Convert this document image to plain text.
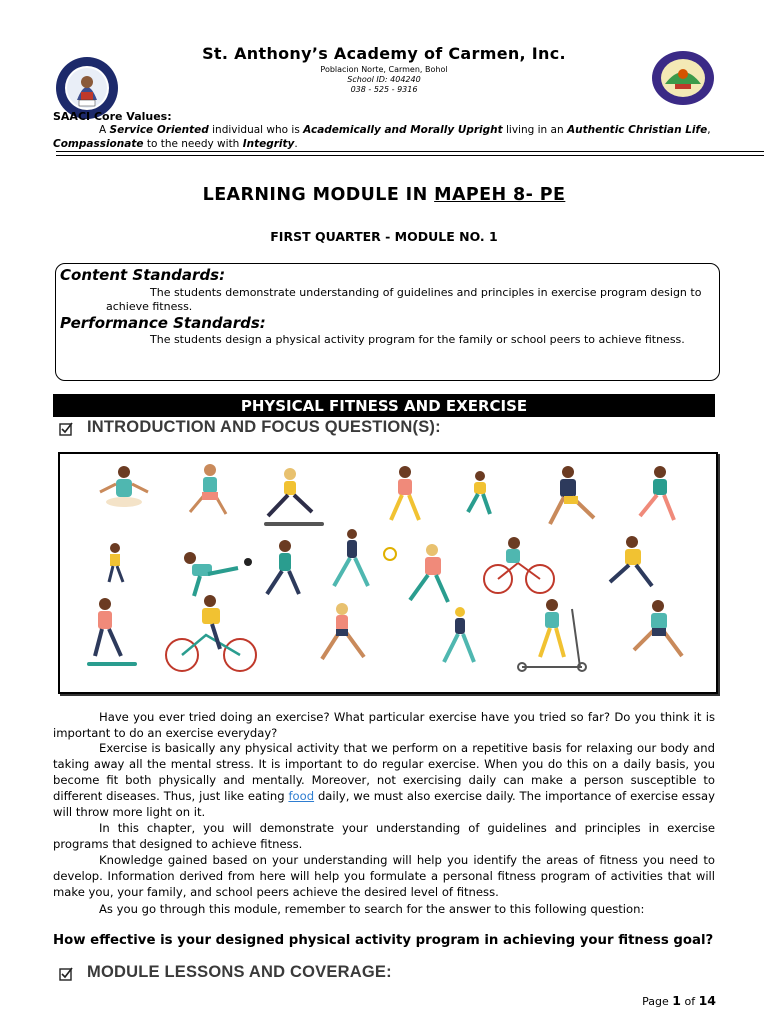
St. Anthony’s Academy of Carmen, Inc.
Poblacion Norte, Carmen, Bohol
School ID: 404240
038 - 525 - 9316
SAACI Core Values:
A Service Oriented individual who is Academically and Morally Upright living in an Authentic Christian Life,
Compassionate to the needy with Integrity.
LEARNING MODULE IN MAPEH 8- PE
FIRST QUARTER - MODULE NO. 1
Content Standards:
The students demonstrate understanding of guidelines and principles in exercise program design to
achieve fitness.
Performance Standards:
The students design a physical activity program for the family or school peers to achieve fitness.
PHYSICAL FITNESS AND EXERCISE
INTRODUCTION AND FOCUS QUESTION(S):
Have you ever tried doing an exercise? What particular exercise have you tried so far? Do you think it is important to do an exercise everyday?
Exercise is basically any physical activity that we perform on a repetitive basis for relaxing our body and taking away all the mental stress. It is important to do regular exercise. When you do this on a daily basis, you become fit both physically and mentally. Moreover, not exercising daily can make a person susceptible to different diseases. Thus, just like eating food daily, we must also exercise daily. The importance of exercise essay will throw more light on it.
In this chapter, you will demonstrate your understanding of guidelines and principles in exercise programs that designed to achieve fitness.
Knowledge gained based on your understanding will help you identify the areas of fitness you need to develop. Information derived from here will help you formulate a personal fitness program of activities that will make you, your family, and school peers achieve the desired level of fitness.
As you go through this module, remember to search for the answer to this following question:
How effective is your designed physical activity program in achieving your fitness goal?
MODULE LESSONS AND COVERAGE:
Page 1 of 14
